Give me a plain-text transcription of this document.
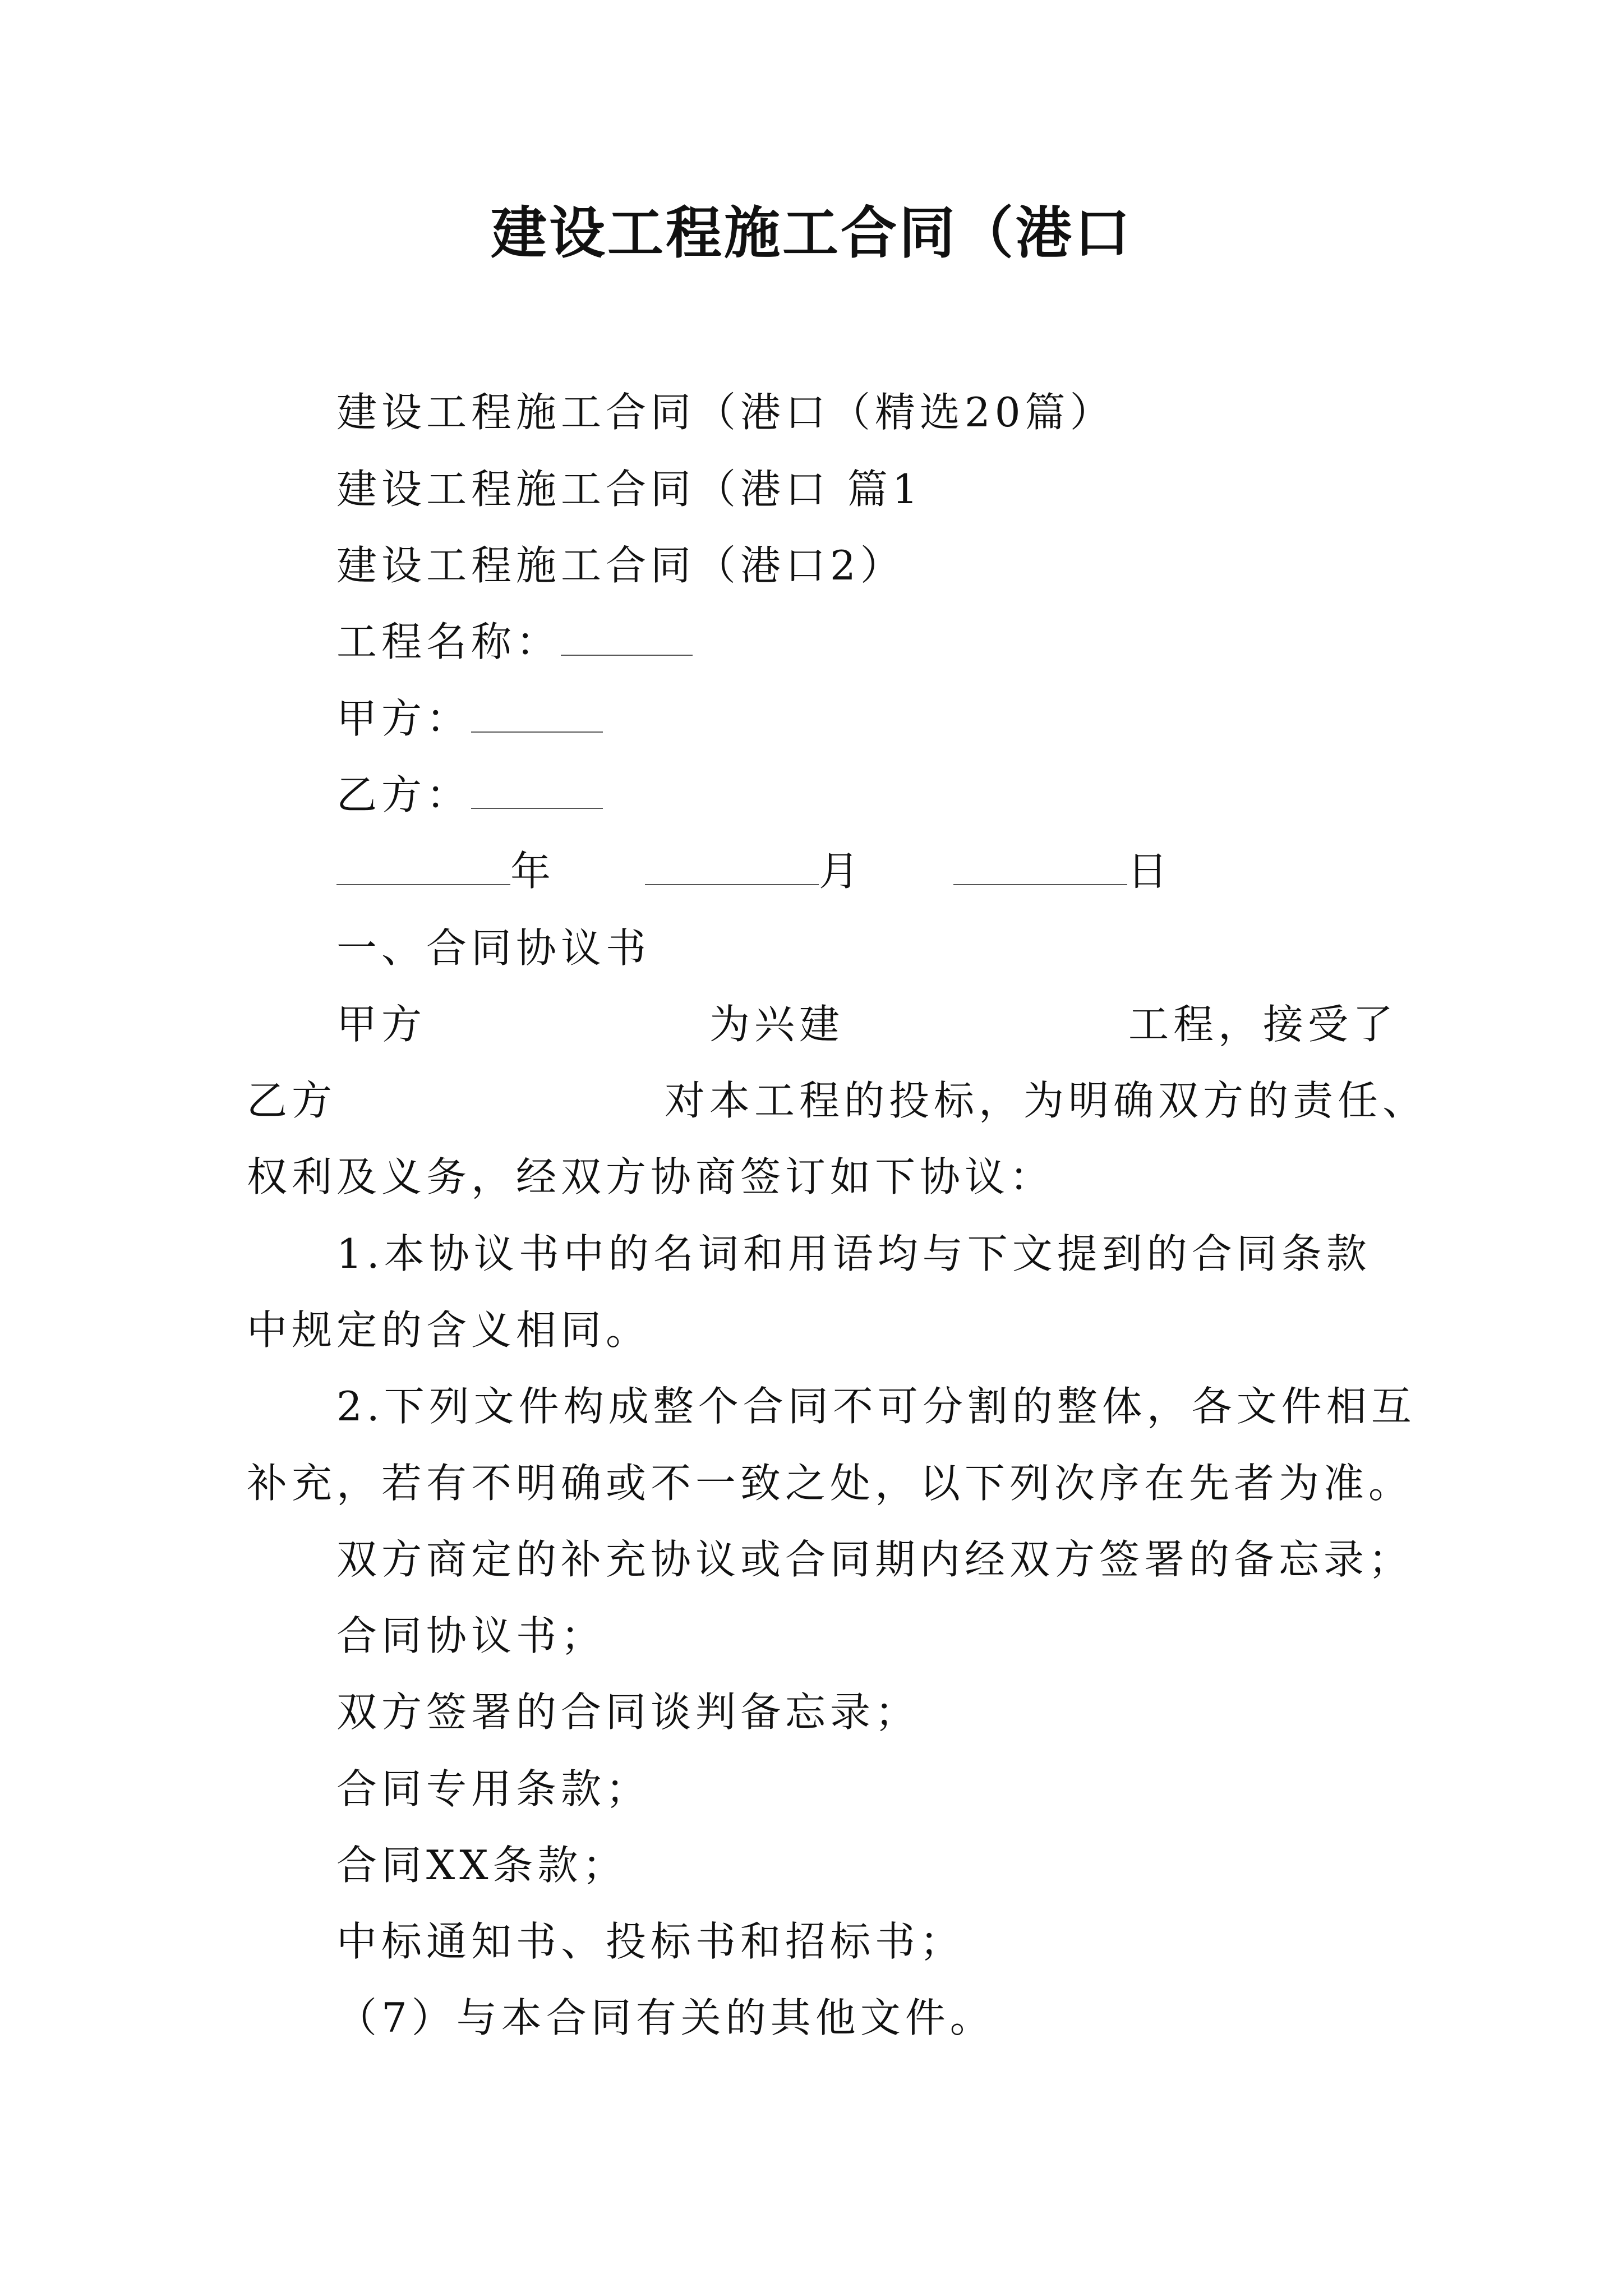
建设工程施工合同（港口
建设工程施工合同（港口（精选20篇）
建设工程施工合同（港口 篇1
建设工程施工合同（港口2）
工程名称：
甲方：
乙方：
年	月	日
一、合同协议书
甲方	为兴建	工程，接受了
乙方	对本工程的投标，为明确双方的责任、
权利及义务，经双方协商签订如下协议：
1.本协议书中的名词和用语均与下文提到的合同条款
中规定的含义相同。
2.下列文件构成整个合同不可分割的整体，各文件相互
补充，若有不明确或不一致之处，以下列次序在先者为准。
双方商定的补充协议或合同期内经双方签署的备忘录；
合同协议书；
双方签署的合同谈判备忘录；
合同专用条款；
合同XX条款；
中标通知书、投标书和招标书；
（7）与本合同有关的其他文件。
